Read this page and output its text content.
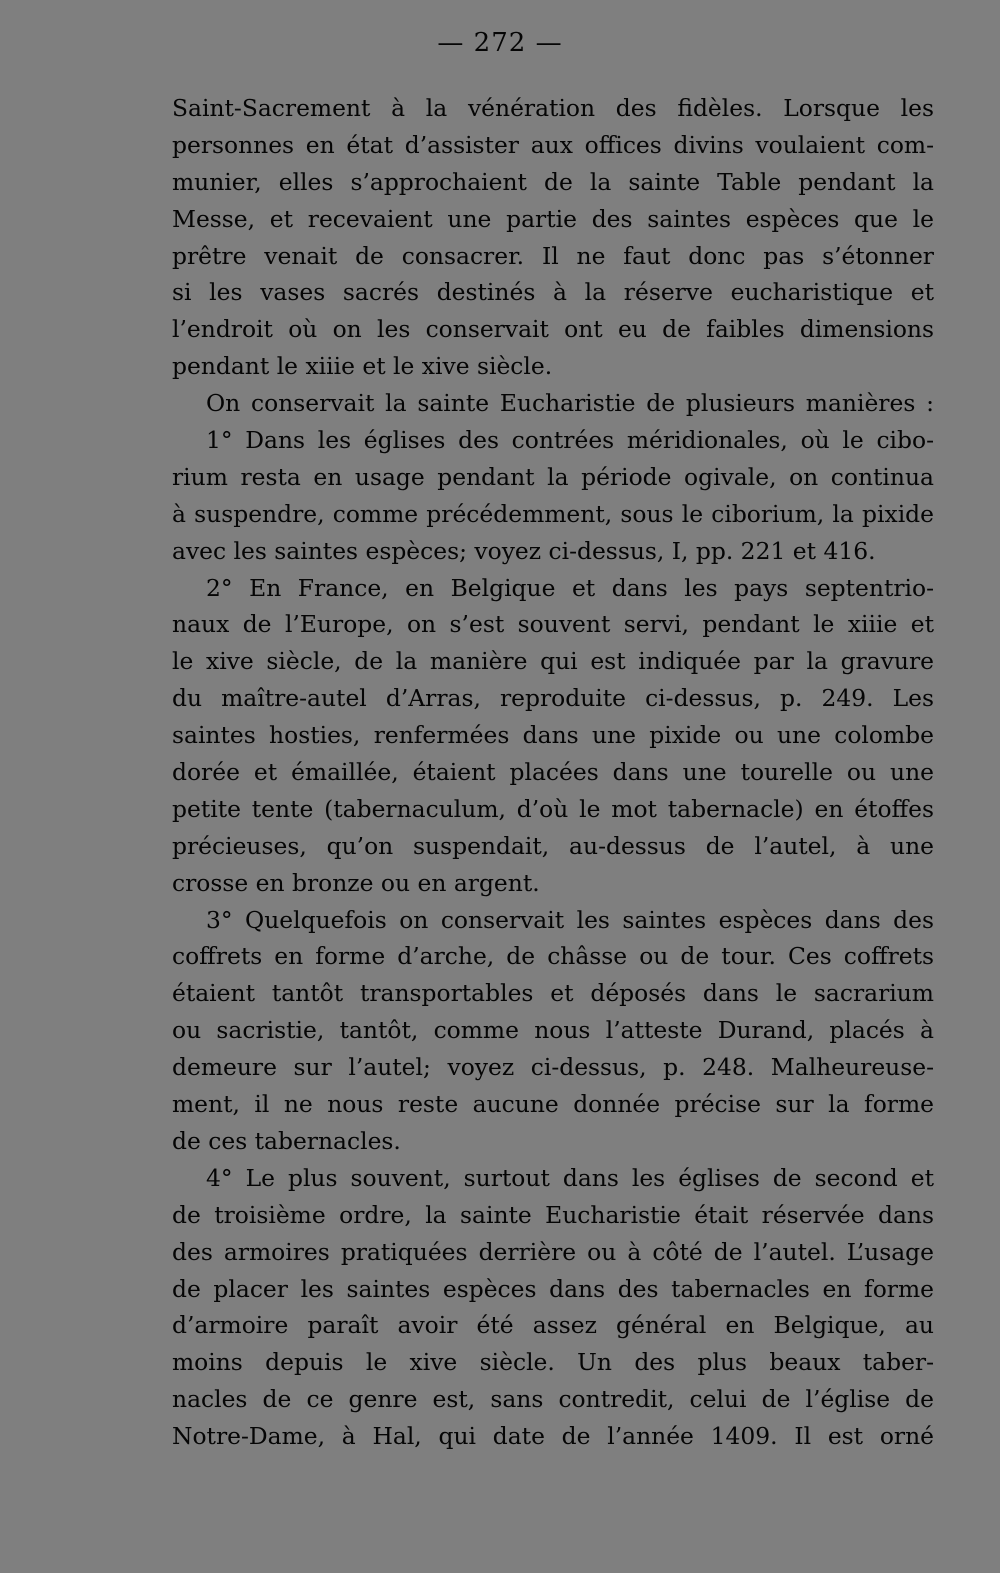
— 272 —
Saint-Sacrement à la vénération des fidèles. Lorsque les
personnes en état d’assister aux offices divins voulaient com-
munier, elles s’approchaient de la sainte Table pendant la
Messe, et recevaient une partie des saintes espèces que le
prêtre venait de consacrer. Il ne faut donc pas s’étonner
si les vases sacrés destinés à la réserve eucharistique et
l’endroit où on les conservait ont eu de faibles dimensions
pendant le xiiie et le xive siècle.
On conservait la sainte Eucharistie de plusieurs manières :
1° Dans les églises des contrées méridionales, où le cibo-
rium resta en usage pendant la période ogivale, on continua
à suspendre, comme précédemment, sous le ciborium, la pixide
avec les saintes espèces; voyez ci-dessus, I, pp. 221 et 416.
2° En France, en Belgique et dans les pays septentrio-
naux de l’Europe, on s’est souvent servi, pendant le xiiie et
le xive siècle, de la manière qui est indiquée par la gravure
du maître-autel d’Arras, reproduite ci-dessus, p. 249. Les
saintes hosties, renfermées dans une pixide ou une colombe
dorée et émaillée, étaient placées dans une tourelle ou une
petite tente (tabernaculum, d’où le mot tabernacle) en étoffes
précieuses, qu’on suspendait, au-dessus de l’autel, à une
crosse en bronze ou en argent.
3° Quelquefois on conservait les saintes espèces dans des
coffrets en forme d’arche, de châsse ou de tour. Ces coffrets
étaient tantôt transportables et déposés dans le sacrarium
ou sacristie, tantôt, comme nous l’atteste Durand, placés à
demeure sur l’autel; voyez ci-dessus, p. 248. Malheureuse-
ment, il ne nous reste aucune donnée précise sur la forme
de ces tabernacles.
4° Le plus souvent, surtout dans les églises de second et
de troisième ordre, la sainte Eucharistie était réservée dans
des armoires pratiquées derrière ou à côté de l’autel. L’usage
de placer les saintes espèces dans des tabernacles en forme
d’armoire paraît avoir été assez général en Belgique, au
moins depuis le xive siècle. Un des plus beaux taber-
nacles de ce genre est, sans contredit, celui de l’église de
Notre-Dame, à Hal, qui date de l’année 1409. Il est orné
